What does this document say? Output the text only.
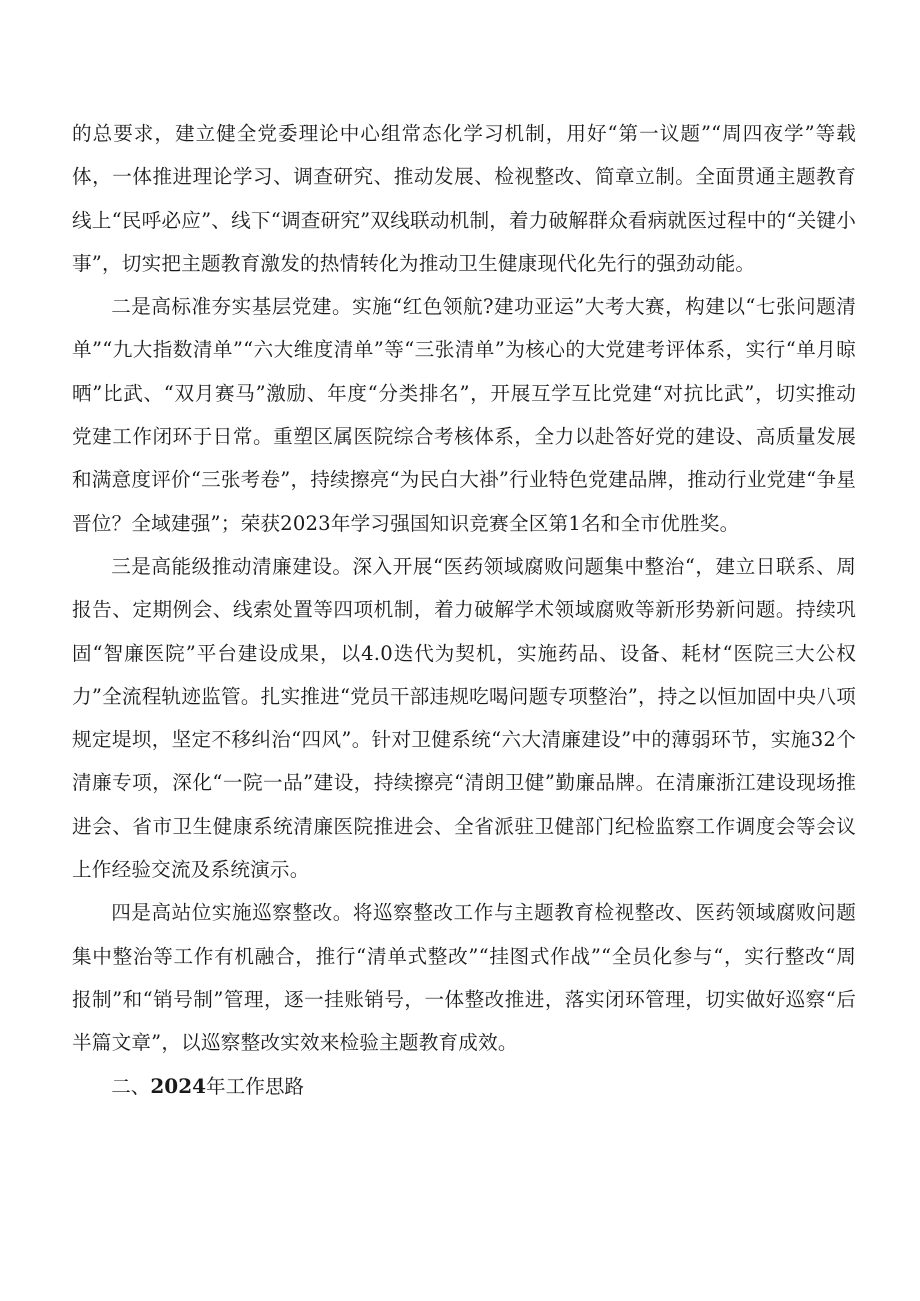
的总要求，建立健全党委理论中心组常态化学习机制，用好“第一议题”“周四夜学”等载体，一体推进理论学习、调查研究、推动发展、检视整改、简章立制。全面贯通主题教育线上“民呼必应”、线下“调查研究”双线联动机制，着力破解群众看病就医过程中的“关键小事”，切实把主题教育激发的热情转化为推动卫生健康现代化先行的强劲动能。

二是高标准夯实基层党建。实施“红色领航?建功亚运”大考大赛，构建以“七张问题清单”“九大指数清单”“六大维度清单”等“三张清单”为核心的大党建考评体系，实行“单月晾晒”比武、“双月赛马”激励、年度“分类排名”，开展互学互比党建“对抗比武”，切实推动党建工作闭环于日常。重塑区属医院综合考核体系，全力以赴答好党的建设、高质量发展和满意度评价“三张考卷”，持续擦亮“为民白大褂”行业特色党建品牌，推动行业党建“争星晋位？全域建强”；荣获2023年学习强国知识竞赛全区第1名和全市优胜奖。

三是高能级推动清廉建设。深入开展“医药领域腐败问题集中整治“，建立日联系、周报告、定期例会、线索处置等四项机制，着力破解学术领域腐败等新形势新问题。持续巩固“智廉医院”平台建设成果，以4.0迭代为契机，实施药品、设备、耗材“医院三大公权力”全流程轨迹监管。扎实推进“党员干部违规吃喝问题专项整治”，持之以恒加固中央八项规定堤坝，坚定不移纠治“四风”。针对卫健系统“六大清廉建设”中的薄弱环节，实施32个清廉专项，深化“一院一品”建设，持续擦亮“清朗卫健”勤廉品牌。在清廉浙江建设现场推进会、省市卫生健康系统清廉医院推进会、全省派驻卫健部门纪检监察工作调度会等会议上作经验交流及系统演示。

四是高站位实施巡察整改。将巡察整改工作与主题教育检视整改、医药领域腐败问题集中整治等工作有机融合，推行“清单式整改”“挂图式作战”“全员化参与“，实行整改“周报制”和“销号制”管理，逐一挂账销号，一体整改推进，落实闭环管理，切实做好巡察“后半篇文章”，以巡察整改实效来检验主题教育成效。

二、2024年工作思路
